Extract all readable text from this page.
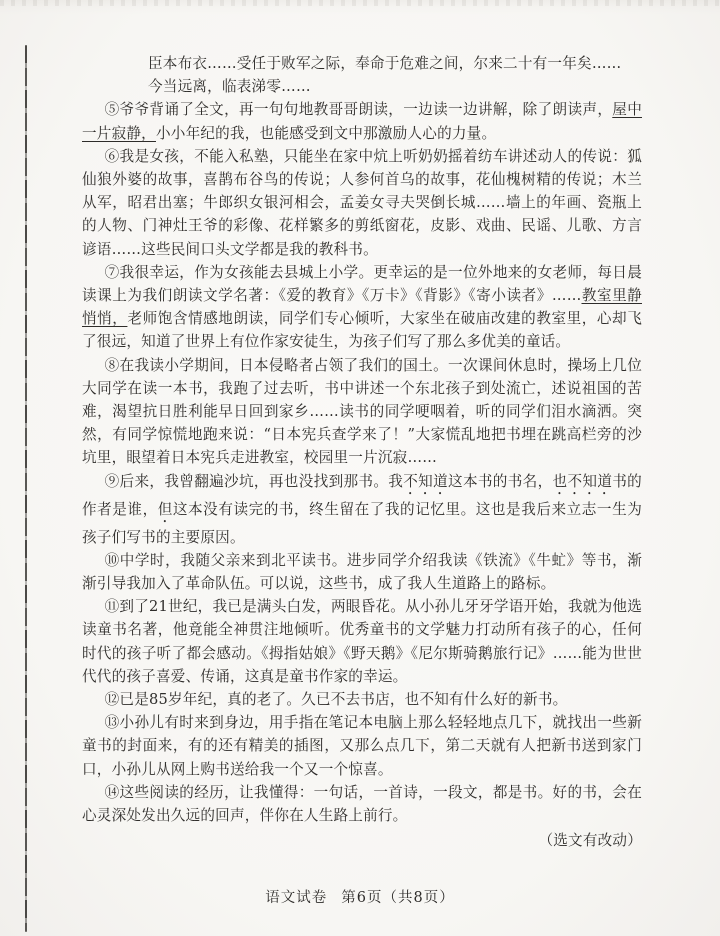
臣本布衣……受任于败军之际，奉命于危难之间，尔来二十有一年矣……
今当远离，临表涕零……

⑤爷爷背诵了全文，再一句句地教哥哥朗读，一边读一边讲解，除了朗读声，屋中一片寂静，小小年纪的我，也能感受到文中那激励人心的力量。

⑥我是女孩，不能入私塾，只能坐在家中炕上听奶奶摇着纺车讲述动人的传说：狐仙狼外婆的故事，喜鹊布谷鸟的传说；人参何首乌的故事，花仙槐树精的传说；木兰从军，昭君出塞；牛郎织女银河相会，孟姜女寻夫哭倒长城……墙上的年画、瓷瓶上的人物、门神灶王爷的彩像、花样繁多的剪纸窗花，皮影、戏曲、民谣、儿歌、方言谚语……这些民间口头文学都是我的教科书。

⑦我很幸运，作为女孩能去县城上小学。更幸运的是一位外地来的女老师，每日晨读课上为我们朗读文学名著：《爱的教育》《万卡》《背影》《寄小读者》……教室里静悄悄，老师饱含情感地朗读，同学们专心倾听，大家坐在破庙改建的教室里，心却飞了很远，知道了世界上有位作家安徒生，为孩子们写了那么多优美的童话。

⑧在我读小学期间，日本侵略者占领了我们的国土。一次课间休息时，操场上几位大同学在读一本书，我跑了过去听，书中讲述一个东北孩子到处流亡，述说祖国的苦难，渴望抗日胜利能早日回到家乡……读书的同学哽咽着，听的同学们泪水滴洒。突然，有同学惊慌地跑来说：“日本宪兵查学来了！”大家慌乱地把书埋在跳高栏旁的沙坑里，眼望着日本宪兵走进教室，校园里一片沉寂……

⑨后来，我曾翻遍沙坑，再也没找到那书。我不知道这本书的书名，也不知道书的作者是谁，但这本没有读完的书，终生留在了我的记忆里。这也是我后来立志一生为孩子们写书的主要原因。

⑩中学时，我随父亲来到北平读书。进步同学介绍我读《铁流》《牛虻》等书，渐渐引导我加入了革命队伍。可以说，这些书，成了我人生道路上的路标。

⑪到了21世纪，我已是满头白发，两眼昏花。从小孙儿牙牙学语开始，我就为他选读童书名著，他竟能全神贯注地倾听。优秀童书的文学魅力打动所有孩子的心，任何时代的孩子听了都会感动。《拇指姑娘》《野天鹅》《尼尔斯骑鹅旅行记》……能为世世代代的孩子喜爱、传诵，这真是童书作家的幸运。

⑫已是85岁年纪，真的老了。久已不去书店，也不知有什么好的新书。

⑬小孙儿有时来到身边，用手指在笔记本电脑上那么轻轻地点几下，就找出一些新童书的封面来，有的还有精美的插图，又那么点几下，第二天就有人把新书送到家门口，小孙儿从网上购书送给我一个又一个惊喜。

⑭这些阅读的经历，让我懂得：一句话，一首诗，一段文，都是书。好的书，会在心灵深处发出久远的回声，伴你在人生路上前行。

（选文有改动）

语文试卷 第6页（共8页）
